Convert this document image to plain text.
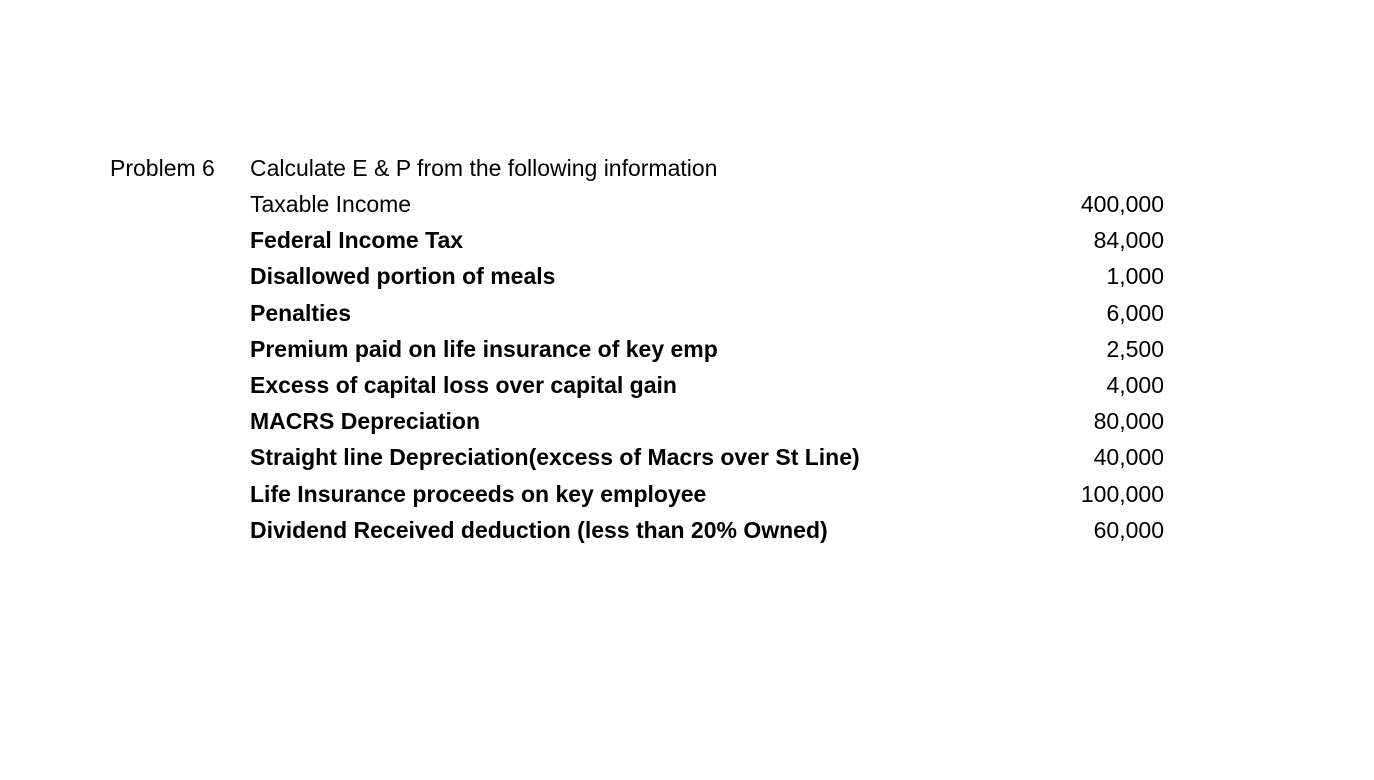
Problem 6 Calculate E & P from the following information
Taxable Income	400,000
Federal Income Tax	84,000
Disallowed portion of meals	1,000
Penalties	6,000
Premium paid on life insurance of key emp	2,500
Excess of capital loss over capital gain	4,000
MACRS Depreciation	80,000
Straight line Depreciation(excess of Macrs over St Line)	40,000
Life Insurance proceeds on key employee	100,000
Dividend Received deduction (less than 20% Owned)	60,000
